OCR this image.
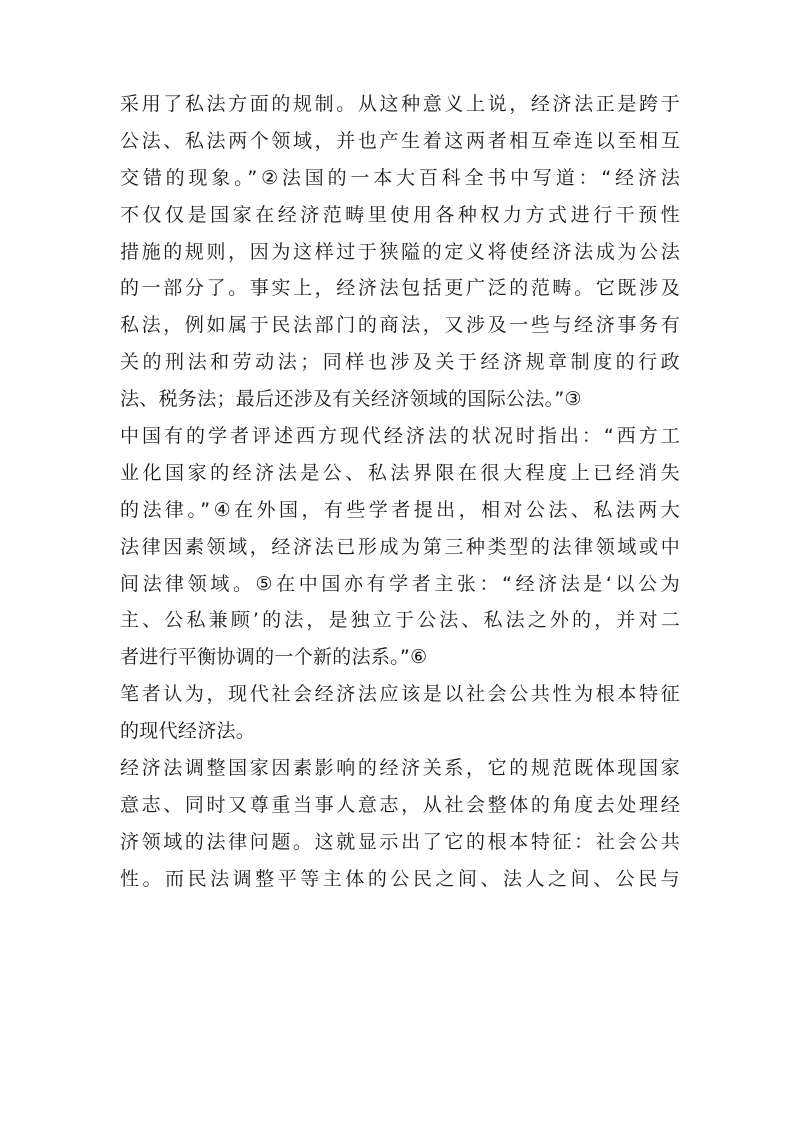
采用了私法方面的规制。从这种意义上说，经济法正是跨于
公法、私法两个领域，并也产生着这两者相互牵连以至相互
交错的现象。”②法国的一本大百科全书中写道：“经济法
不仅仅是国家在经济范畴里使用各种权力方式进行干预性
措施的规则，因为这样过于狭隘的定义将使经济法成为公法
的一部分了。事实上，经济法包括更广泛的范畴。它既涉及
私法，例如属于民法部门的商法，又涉及一些与经济事务有
关的刑法和劳动法；同样也涉及关于经济规章制度的行政
法、税务法；最后还涉及有关经济领域的国际公法。”③
中国有的学者评述西方现代经济法的状况时指出：“西方工
业化国家的经济法是公、私法界限在很大程度上已经消失
的法律。”④在外国，有些学者提出，相对公法、私法两大
法律因素领域，经济法已形成为第三种类型的法律领域或中
间法律领域。⑤在中国亦有学者主张：“经济法是‘以公为
主、公私兼顾’的法，是独立于公法、私法之外的，并对二
者进行平衡协调的一个新的法系。”⑥
笔者认为，现代社会经济法应该是以社会公共性为根本特征
的现代经济法。
经济法调整国家因素影响的经济关系，它的规范既体现国家
意志、同时又尊重当事人意志，从社会整体的角度去处理经
济领域的法律问题。这就显示出了它的根本特征：社会公共
性。而民法调整平等主体的公民之间、法人之间、公民与
